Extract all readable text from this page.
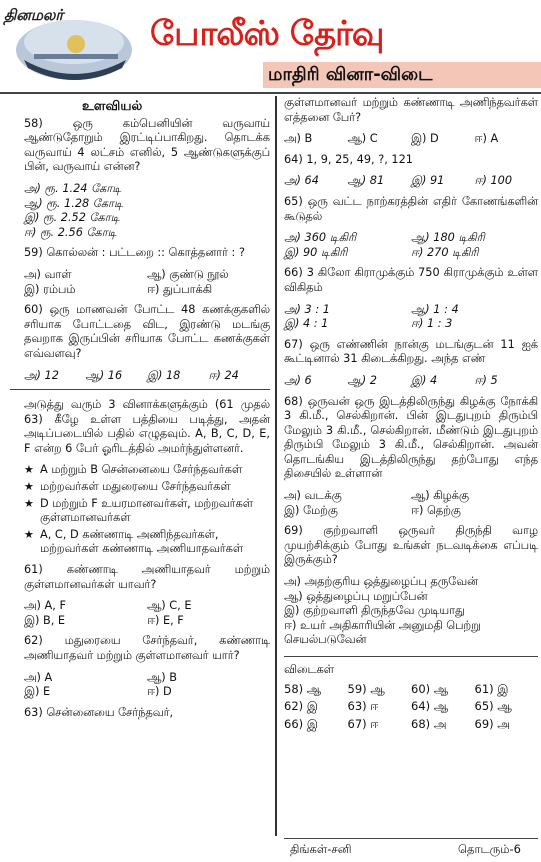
தினமலர்	போலீஸ் தேர்வு
மாதிரி வினா-விடை
உளவியல்

58) ஒரு கம்பெனியின் வருவாய் ஆண்டுதோறும் இரட்டிப்பாகிறது. தொடக்க வருவாய் 4 லட்சம் எனில், 5 ஆண்டுகளுக்குப் பின், வருவாய் என்ன?

அ) ரூ. 1.24 கோடி
ஆ) ரூ. 1.28 கோடி
இ) ரூ. 2.52 கோடி
ஈ) ரூ. 2.56 கோடி

59) கொல்லன் : பட்டறை :: கொத்தனார் : ?

அ) வாள்	ஆ) குண்டு நூல்
இ) ரம்பம்	ஈ) துப்பாக்கி

60) ஒரு மாணவன் போட்ட 48 கணக்குகளில் சரியாக போட்டதை விட, இரண்டு மடங்கு தவறாக இருப்பின் சரியாக போட்ட கணக்குகள் எவ்வளவு?

அ) 12	ஆ) 16	இ) 18	ஈ) 24

அடுத்து வரும் 3 வினாக்களுக்கும் (61 முதல் 63) கீழே உள்ள பத்தியை படித்து, அதன் அடிப்படையில் பதில் எழுதவும். A, B, C, D, E, F என்ற 6 பேர் ஓரிடத்தில் அமர்ந்துள்ளனர்.

★ A மற்றும் B சென்னையை சேர்ந்தவர்கள்
★ மற்றவர்கள் மதுரையை சேர்ந்தவர்கள்
★ D மற்றும் F உயரமானவர்கள், மற்றவர்கள் குள்ளமானவர்கள்
★ A, C, D கண்ணாடி அணிந்தவர்கள், மற்றவர்கள் கண்ணாடி அணியாதவர்கள்

61) கண்ணாடி அணியாதவர் மற்றும் குள்ளமானவர்கள் யாவர்?

அ) A, F	ஆ) C, E
இ) B, E	ஈ) E, F

62) மதுரையை சேர்ந்தவர், கண்ணாடி அணியாதவர் மற்றும் குள்ளமானவர் யார்?

அ) A	ஆ) B
இ) E	ஈ) D

63) சென்னையை சேர்ந்தவர்,

குள்ளமானவர் மற்றும் கண்ணாடி அணிந்தவர்கள் எத்தனை பேர்?

அ) B	ஆ) C	இ) D	ஈ) A

64) 1, 9, 25, 49, ?, 121

அ) 64	ஆ) 81	இ) 91	ஈ) 100

65) ஒரு வட்ட நாற்கரத்தின் எதிர் கோணங்களின் கூடுதல்

அ) 360 டிகிரி	ஆ) 180 டிகிரி
இ) 90 டிகிரி	ஈ) 270 டிகிரி

66) 3 கிலோ கிராமுக்கும் 750 கிராமுக்கும் உள்ள விகிதம்

அ) 3 : 1	ஆ) 1 : 4
இ) 4 : 1	ஈ) 1 : 3

67) ஒரு எண்ணின் நான்கு மடங்குடன் 11 ஐக் கூட்டினால் 31 கிடைக்கிறது. அந்த எண்

அ) 6	ஆ) 2	இ) 4	ஈ) 5

68) ஒருவன் ஒரு இடத்திலிருந்து கிழக்கு நோக்கி 3 கி.மீ., செல்கிறான். பின் இடதுபுறம் திரும்பி மேலும் 3 கி.மீ., செல்கிறான். மீண்டும் இடதுபுறம் திரும்பி மேலும் 3 கி.மீ., செல்கிறான். அவன் தொடங்கிய இடத்திலிருந்து தற்போது எந்த திசையில் உள்ளான்

அ) வடக்கு	ஆ) கிழக்கு
இ) மேற்கு	ஈ) தெற்கு

69) குற்றவாளி ஒருவர் திருந்தி வாழ முயற்சிக்கும் போது உங்கள் நடவடிக்கை எப்படி இருக்கும்?

அ) அதற்குரிய ஒத்துழைப்பு தருவேன்
ஆ) ஒத்துழைப்பு மறுப்பேன்
இ) குற்றவாளி திருந்தவே முடியாது
ஈ) உயர் அதிகாரியின் அனுமதி பெற்று செயல்படுவேன்
விடைகள்
58) ஆ	59) ஆ	60) ஆ	61) இ
62) இ	63) ஈ	64) ஆ	65) ஆ
66) இ	67) ஈ	68) அ	69) அ
திங்கள்-சனி	தொடரும்-6
